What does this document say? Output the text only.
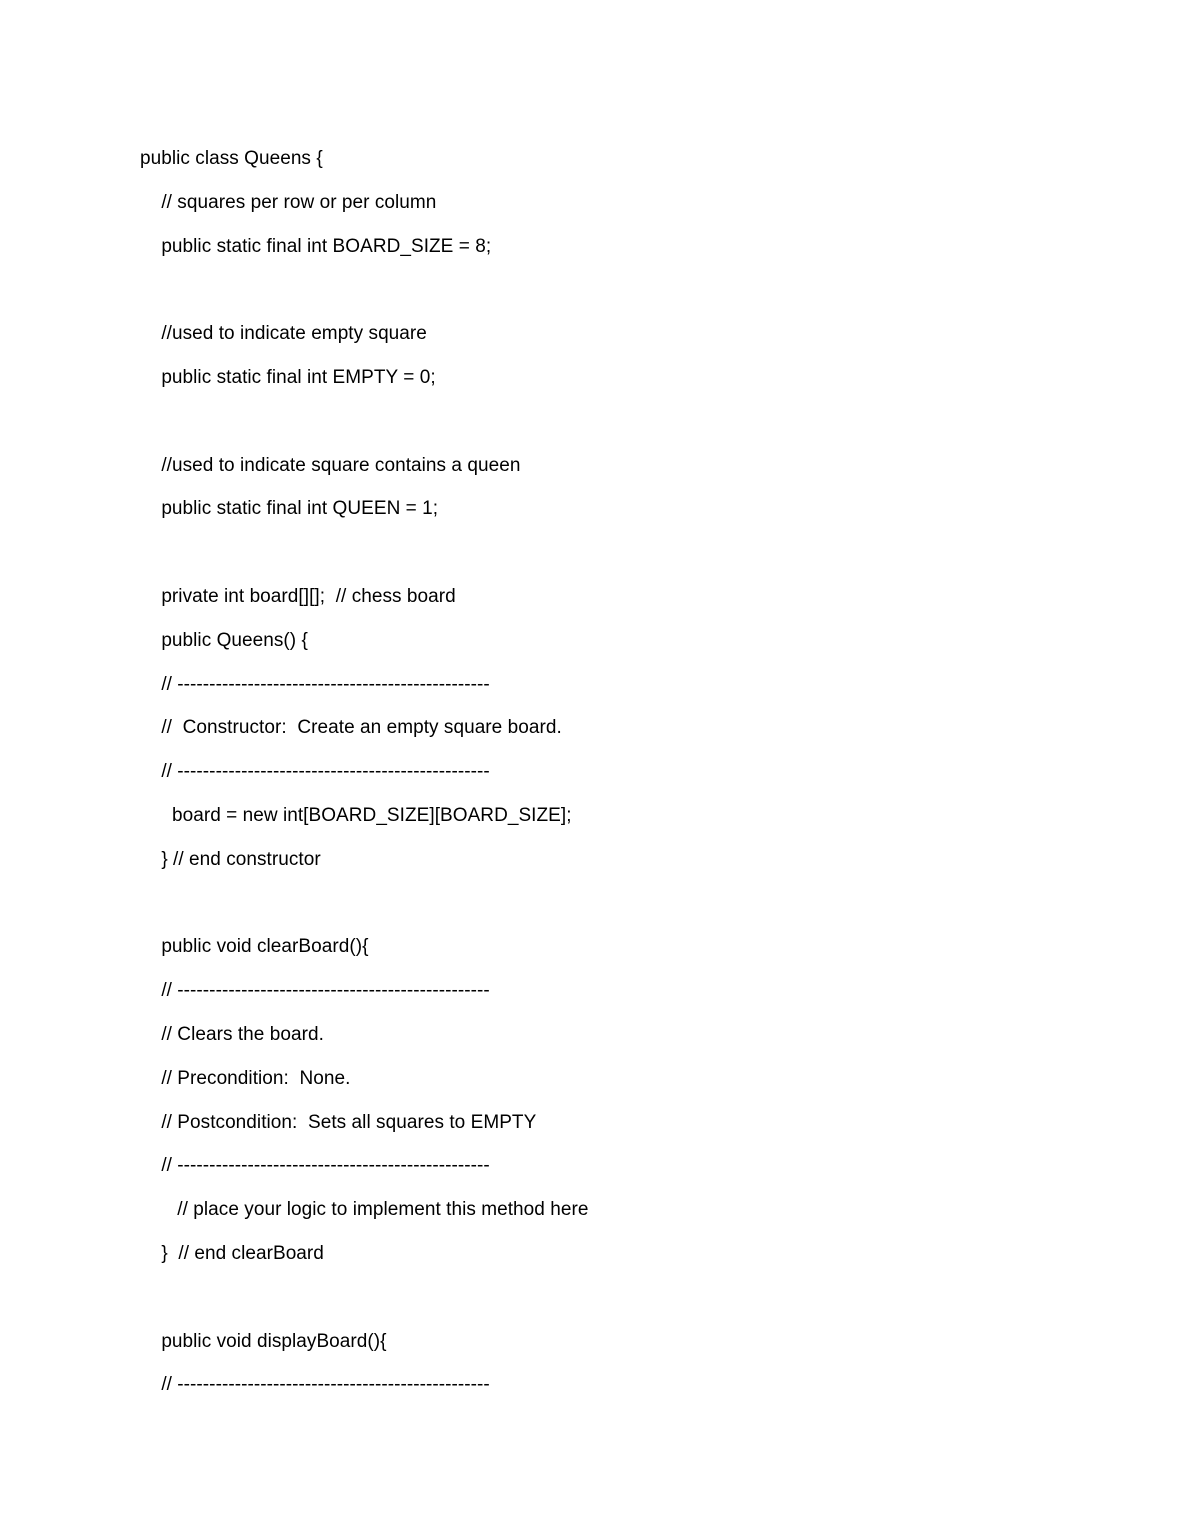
public class Queens {
// squares per row or per column
public static final int BOARD_SIZE = 8;
//used to indicate empty square
public static final int EMPTY = 0;
//used to indicate square contains a queen
public static final int QUEEN = 1;
private int board[][];  // chess board
public Queens() {
// -------------------------------------------------
//  Constructor:  Create an empty square board.
// -------------------------------------------------
board = new int[BOARD_SIZE][BOARD_SIZE];
} // end constructor
public void clearBoard(){
// -------------------------------------------------
// Clears the board.
// Precondition:  None.
// Postcondition:  Sets all squares to EMPTY
// -------------------------------------------------
// place your logic to implement this method here
}  // end clearBoard
public void displayBoard(){
// -------------------------------------------------
